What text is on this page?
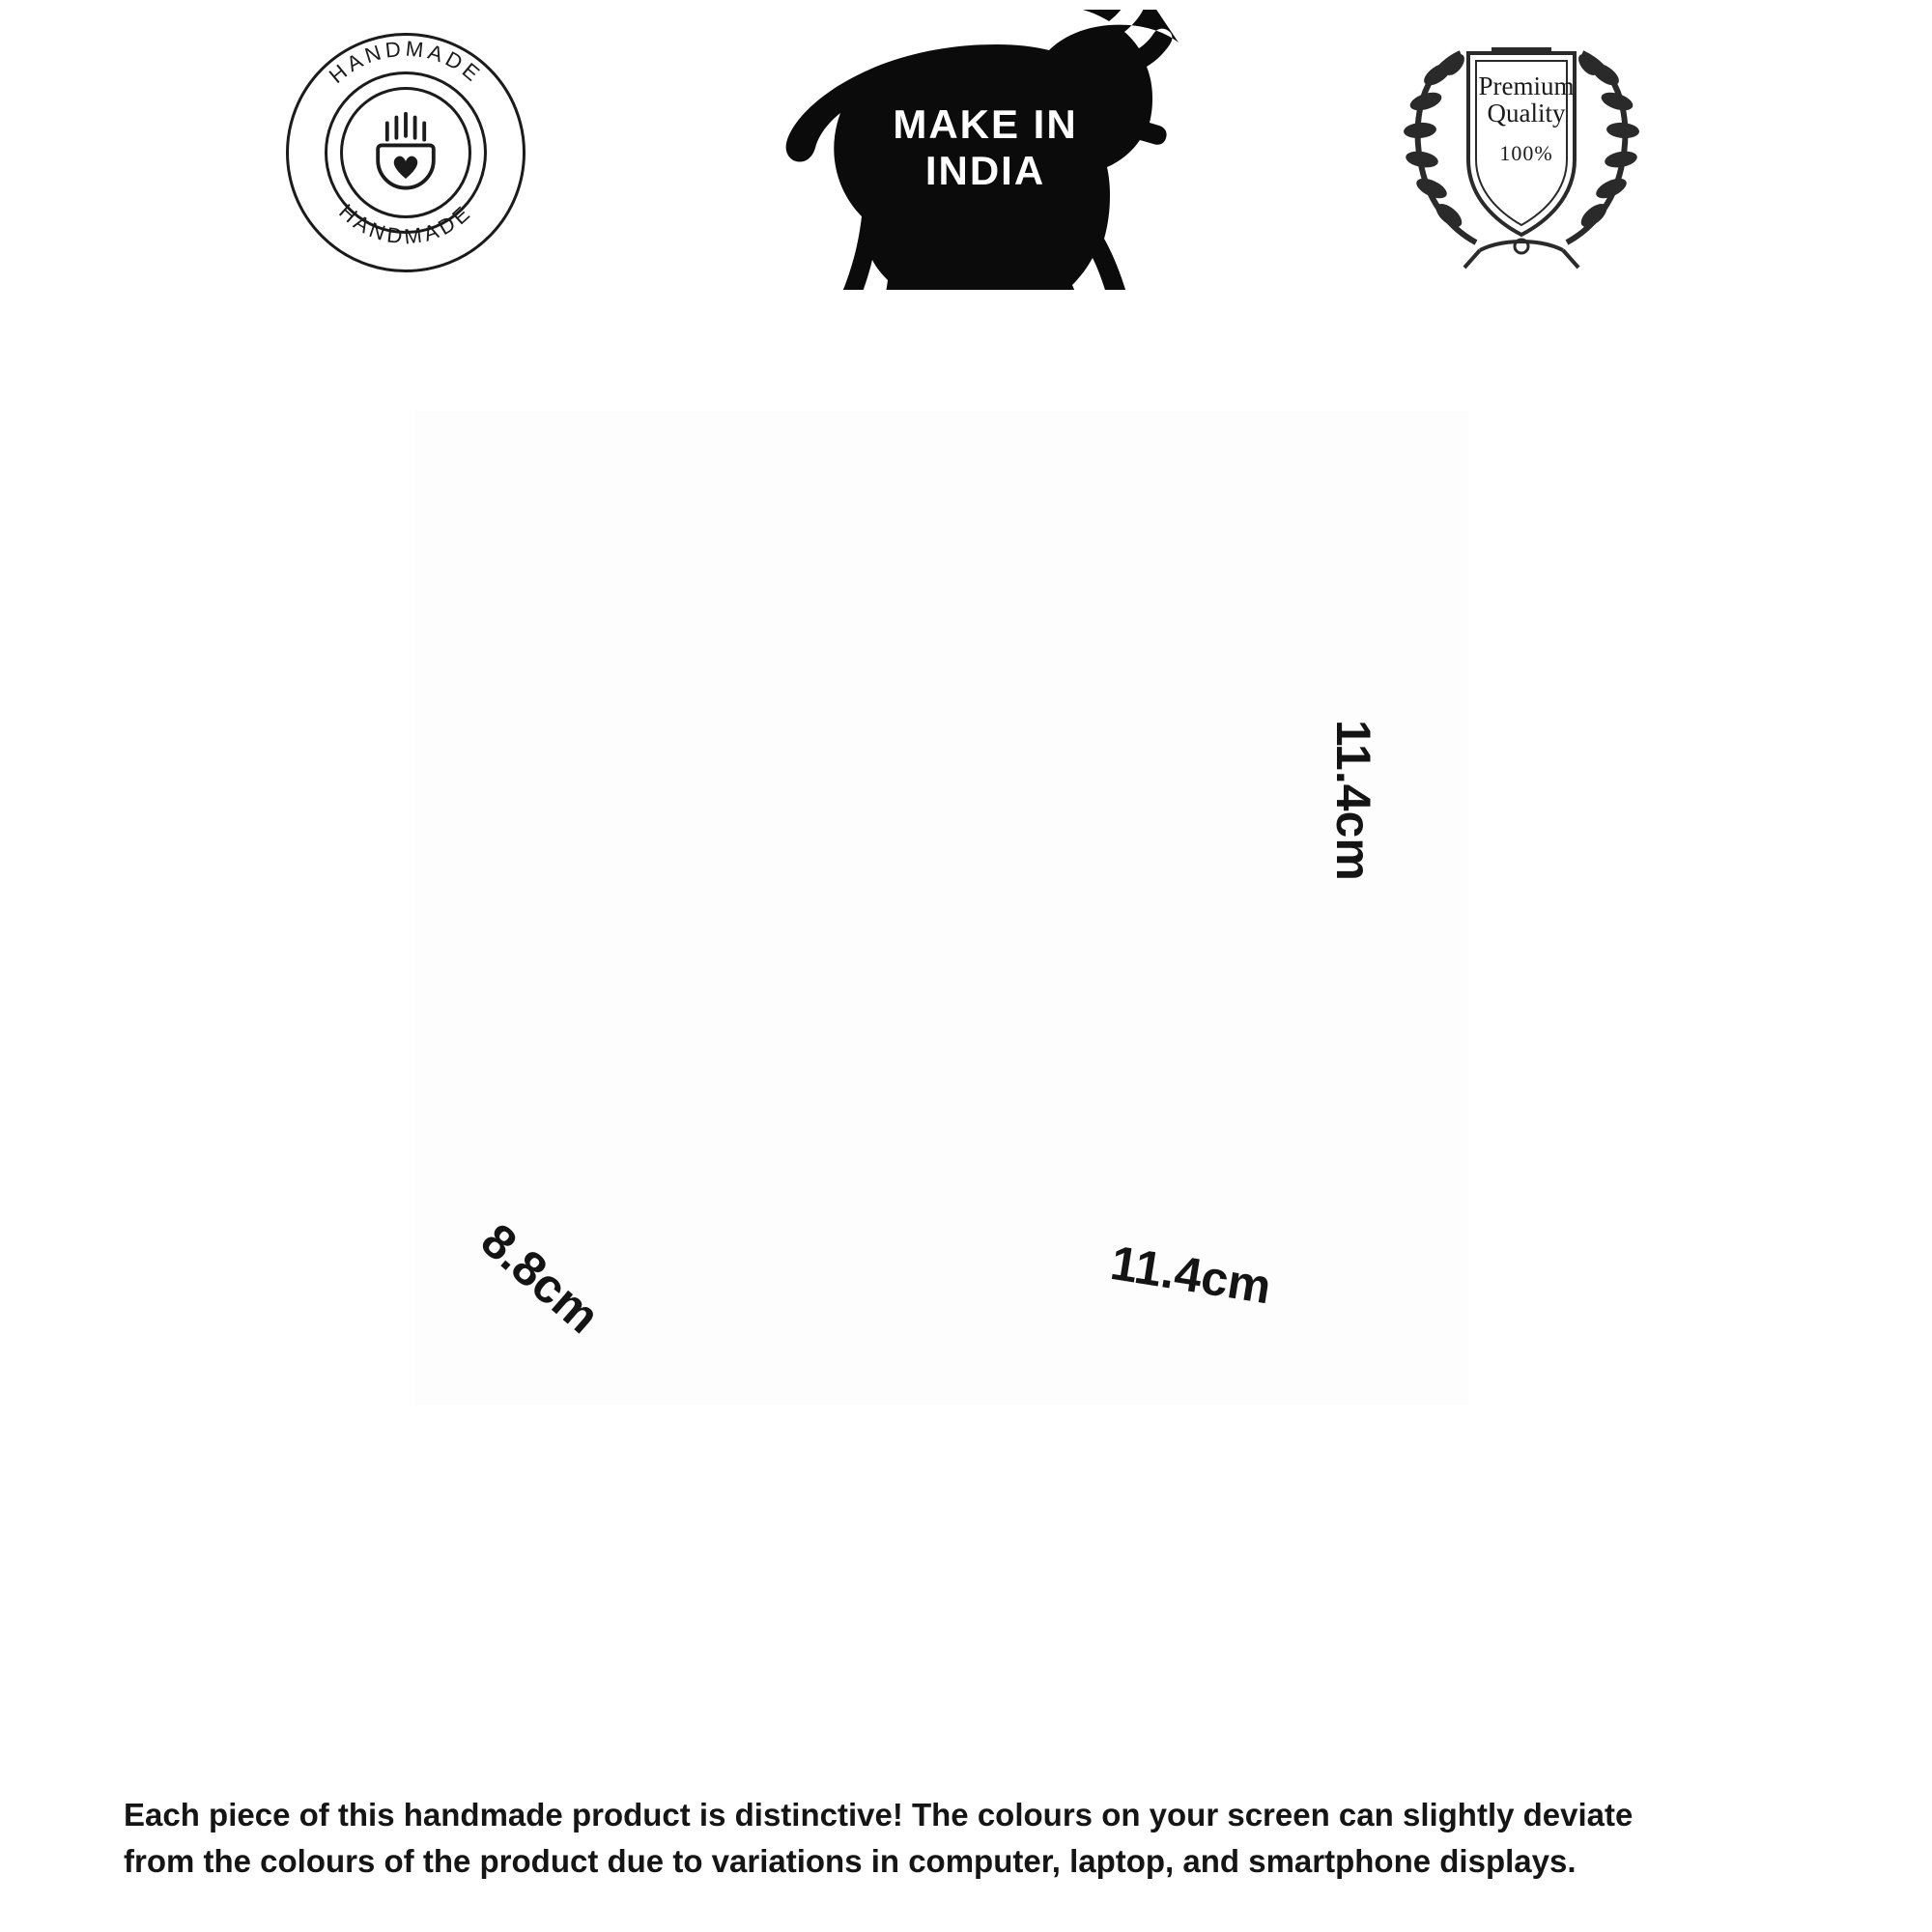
HANDMADE
HANDMADE
MAKE IN INDIA
Premium
Quality
100%
11.4cm
11.4cm
8.8cm
Each piece of this handmade product is distinctive! The colours on your screen can slightly deviate
from the colours of the product due to variations in computer, laptop, and smartphone displays.
